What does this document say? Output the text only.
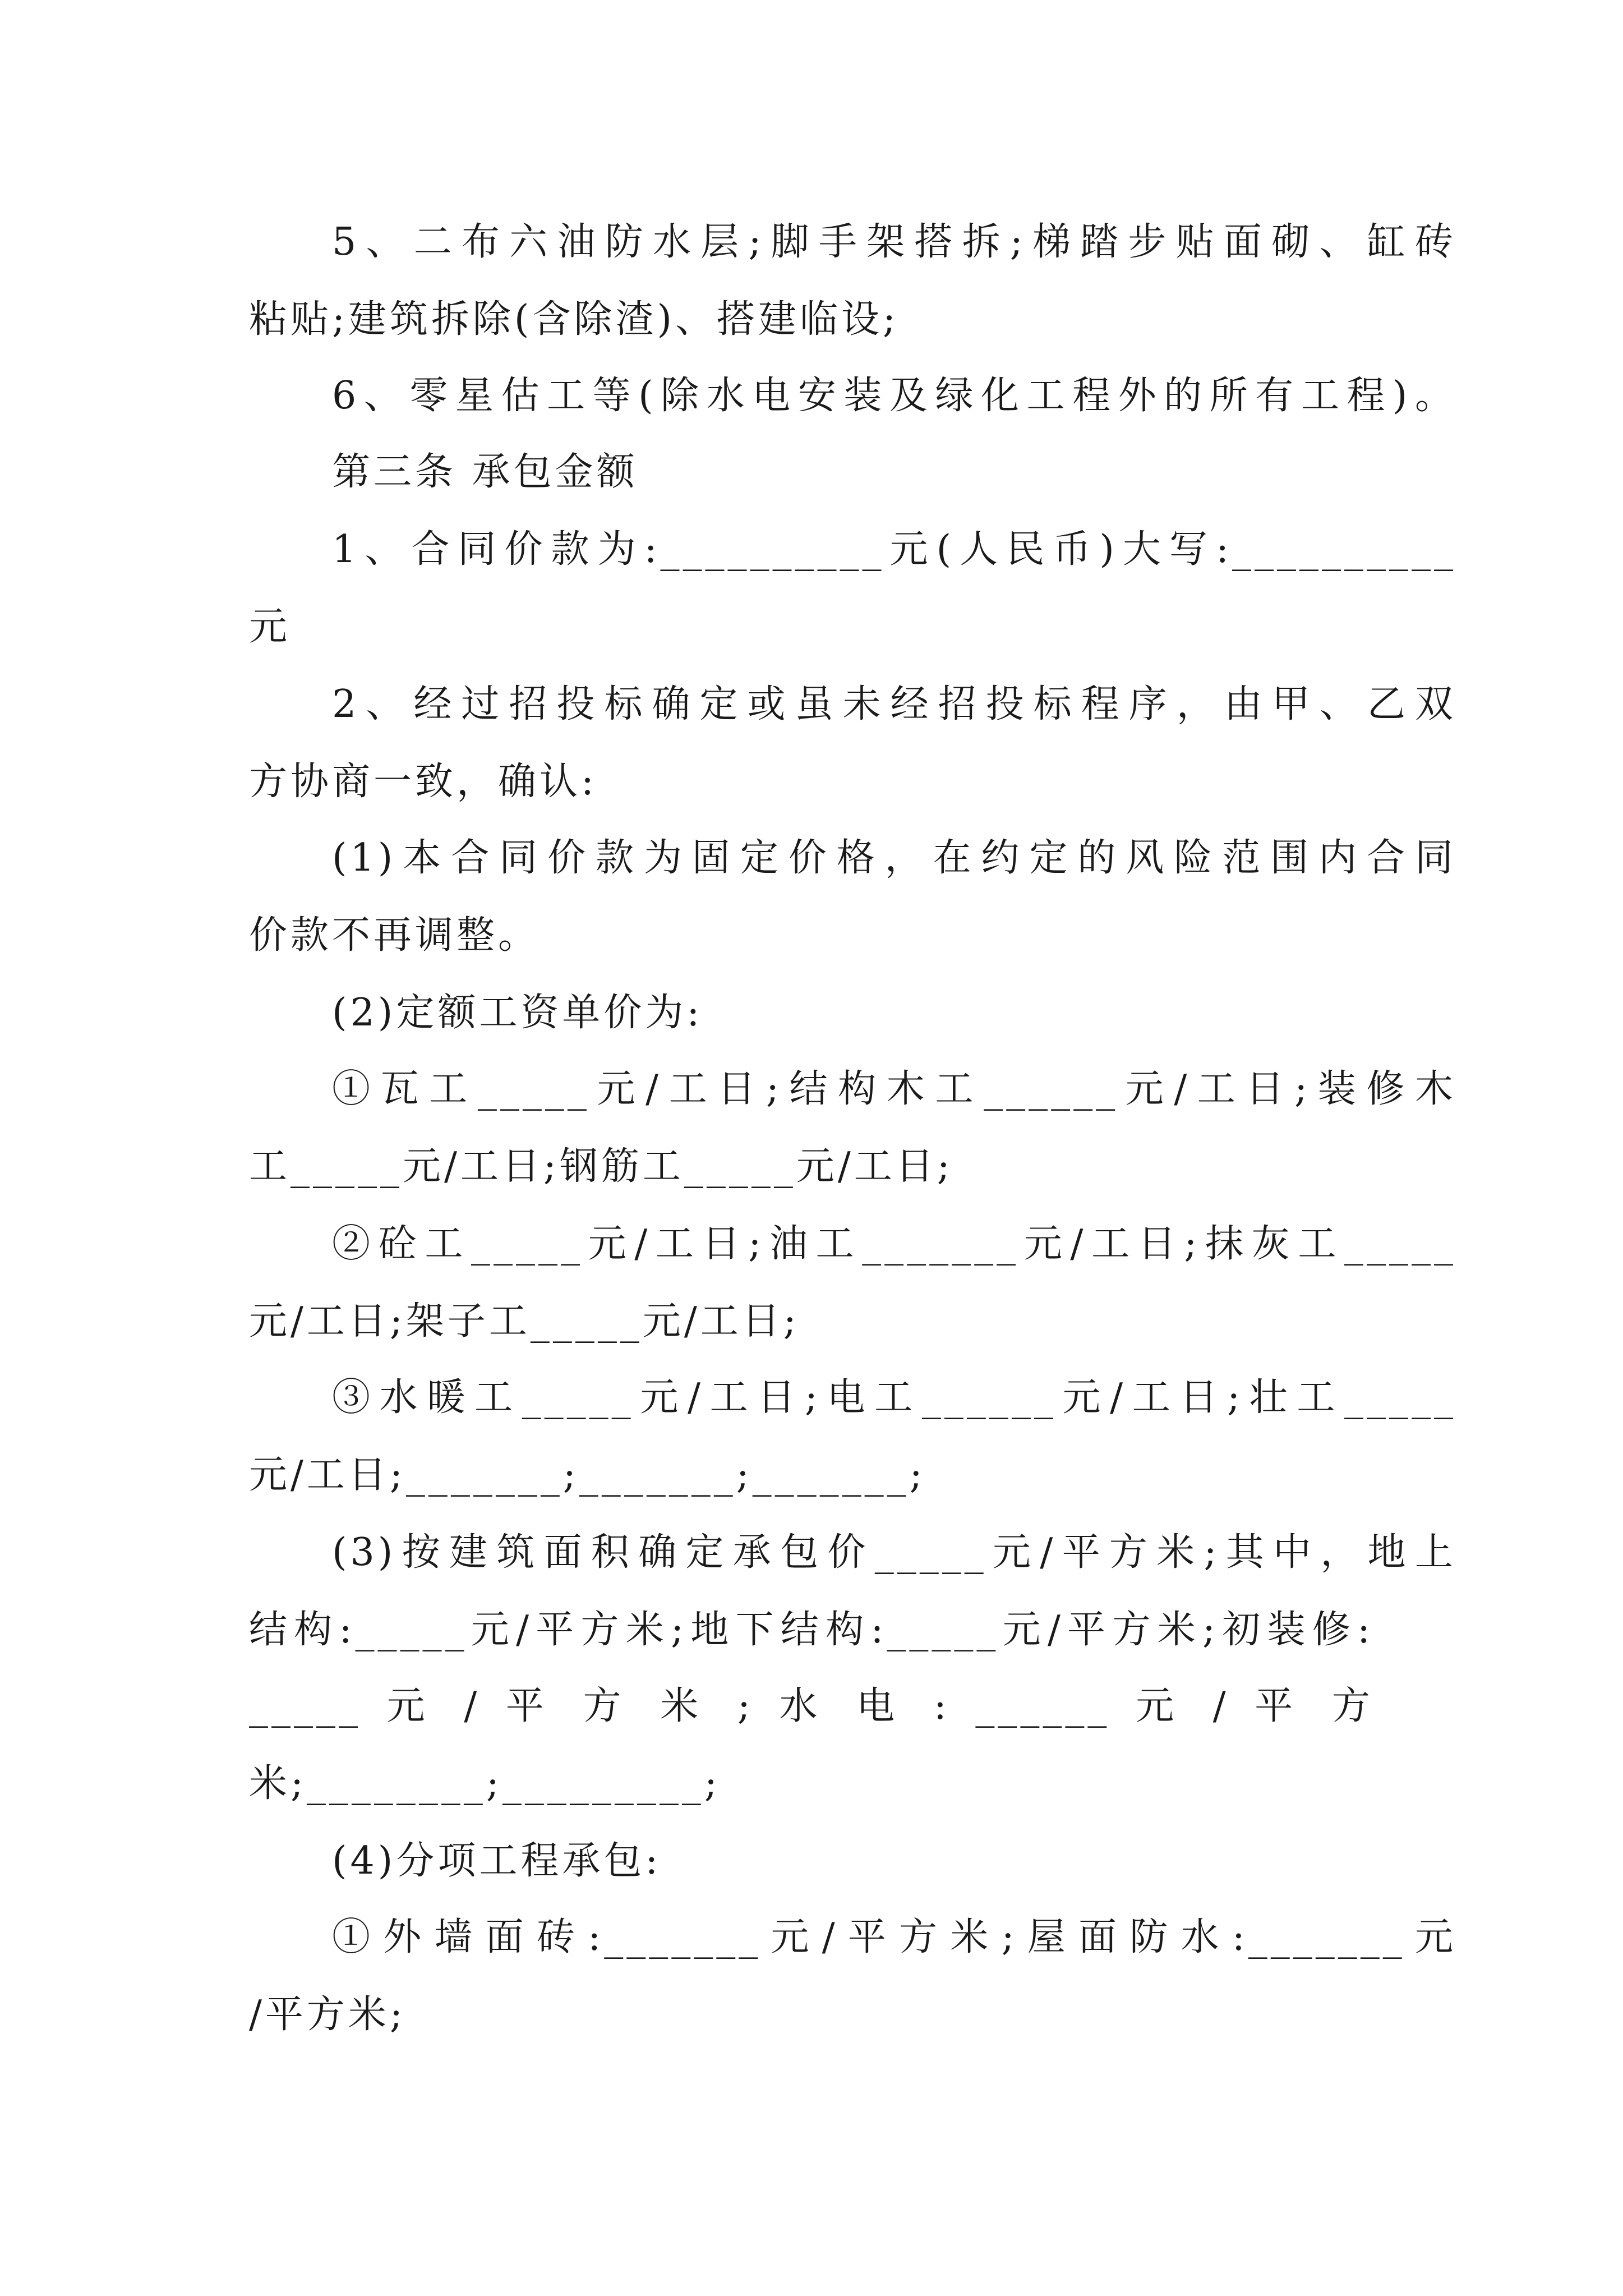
5、二布六油防水层;脚手架搭拆;梯踏步贴面砌、缸砖
粘贴;建筑拆除(含除渣)、搭建临设;
6、零星估工等(除水电安装及绿化工程外的所有工程)。
第三条 承包金额
1、合同价款为:__________元(人民币)大写:__________
元
2、经过招投标确定或虽未经招投标程序，由甲、乙双
方协商一致，确认:
(1)本合同价款为固定价格，在约定的风险范围内合同
价款不再调整。
(2)定额工资单价为:
①瓦工_____元/工日;结构木工______元/工日;装修木
工_____元/工日;钢筋工_____元/工日;
②砼工_____元/工日;油工_______元/工日;抹灰工_____
元/工日;架子工_____元/工日;
③水暖工_____元/工日;电工______元/工日;壮工_____
元/工日;_______;_______;_______;
(3)按建筑面积确定承包价_____元/平方米;其中，地上
结构:_____元/平方米;地下结构:_____元/平方米;初装修:
_____ 元 / 平 方 米 ; 水 电 : ______ 元 / 平 方
米;________;_________;
(4)分项工程承包:
①外墙面砖:_______元/平方米;屋面防水:_______元
/平方米;
